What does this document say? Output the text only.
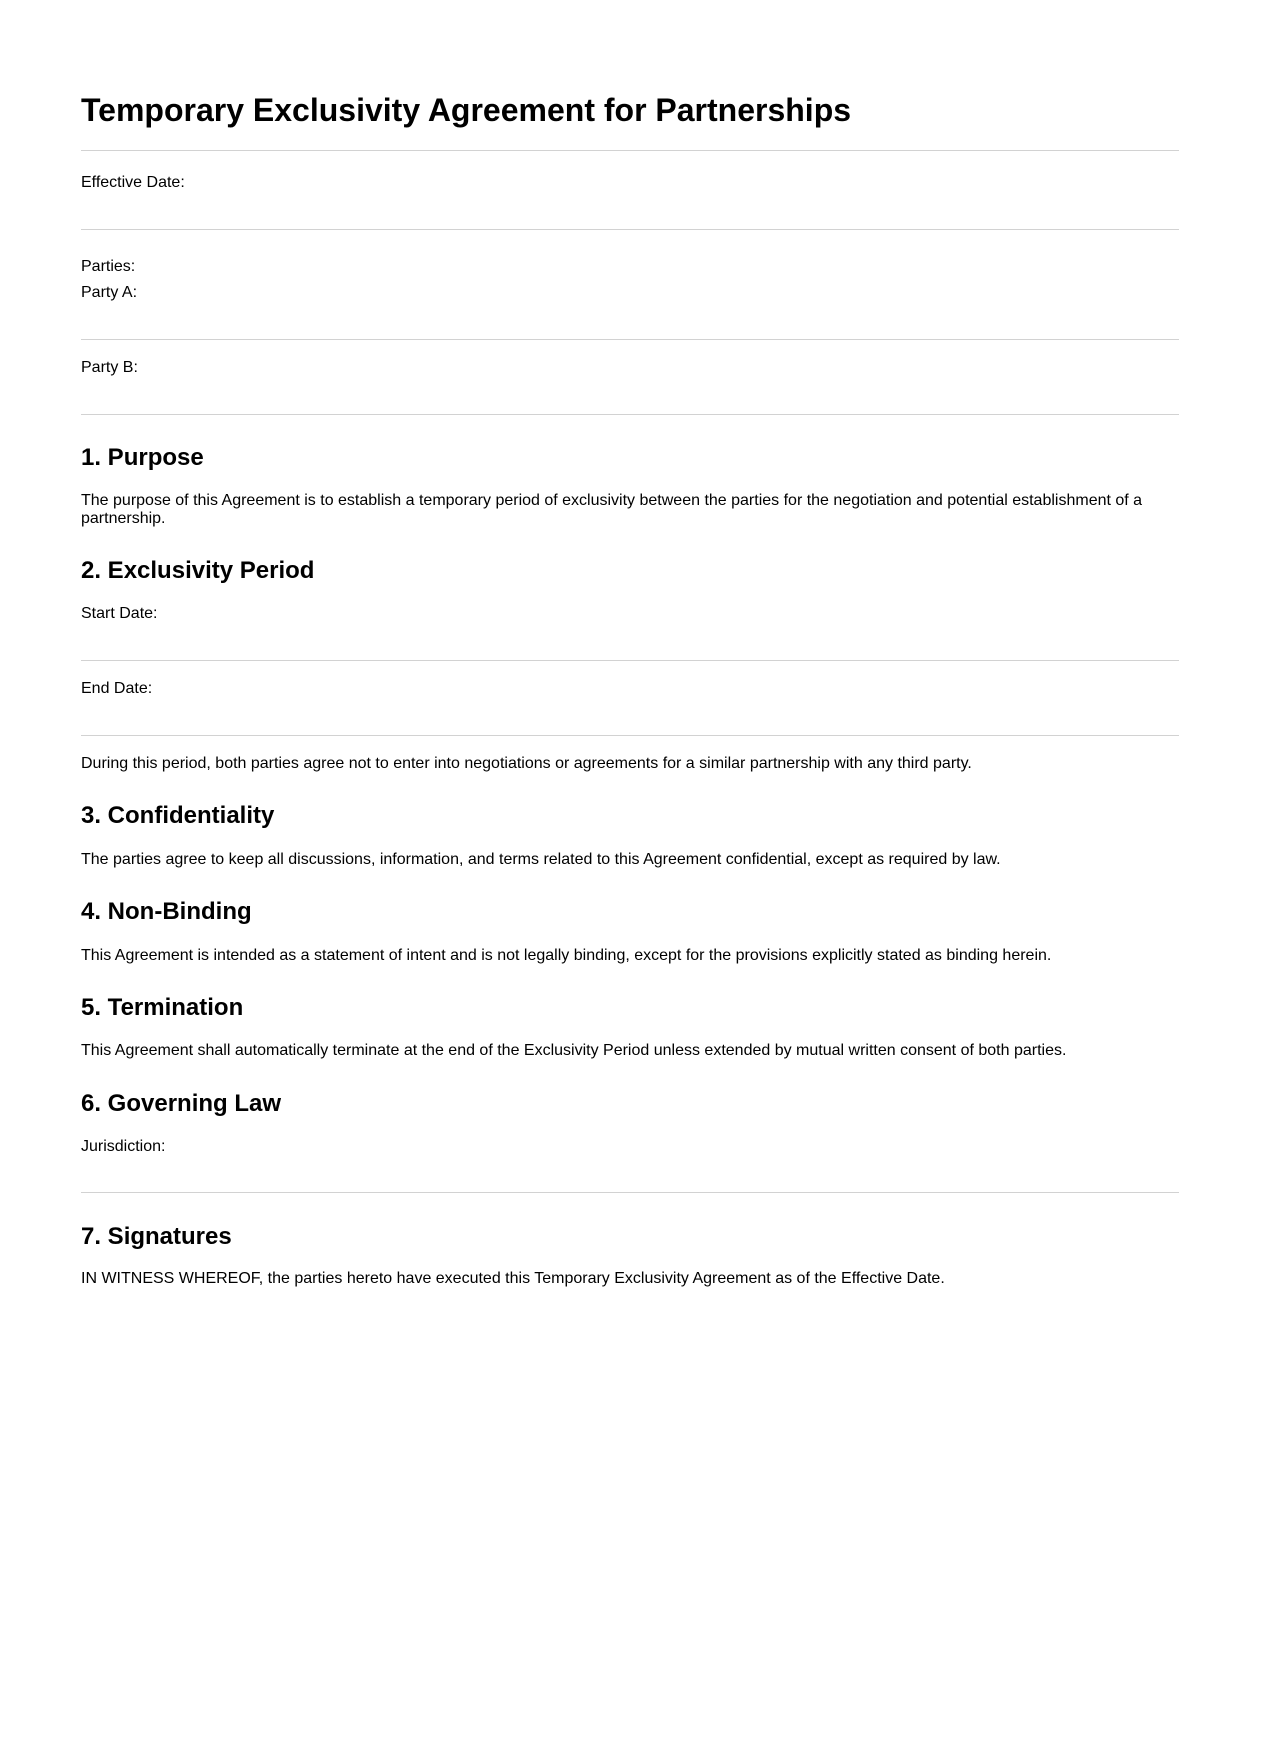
Temporary Exclusivity Agreement for Partnerships
Effective Date:
Parties:
Party A:
Party B:
1. Purpose

The purpose of this Agreement is to establish a temporary period of exclusivity between the parties for the negotiation and potential establishment of a partnership.

2. Exclusivity Period
Start Date:
End Date:

During this period, both parties agree not to enter into negotiations or agreements for a similar partnership with any third party.

3. Confidentiality

The parties agree to keep all discussions, information, and terms related to this Agreement confidential, except as required by law.

4. Non-Binding

This Agreement is intended as a statement of intent and is not legally binding, except for the provisions explicitly stated as binding herein.

5. Termination

This Agreement shall automatically terminate at the end of the Exclusivity Period unless extended by mutual written consent of both parties.

6. Governing Law
Jurisdiction:
7. Signatures

IN WITNESS WHEREOF, the parties hereto have executed this Temporary Exclusivity Agreement as of the Effective Date.
